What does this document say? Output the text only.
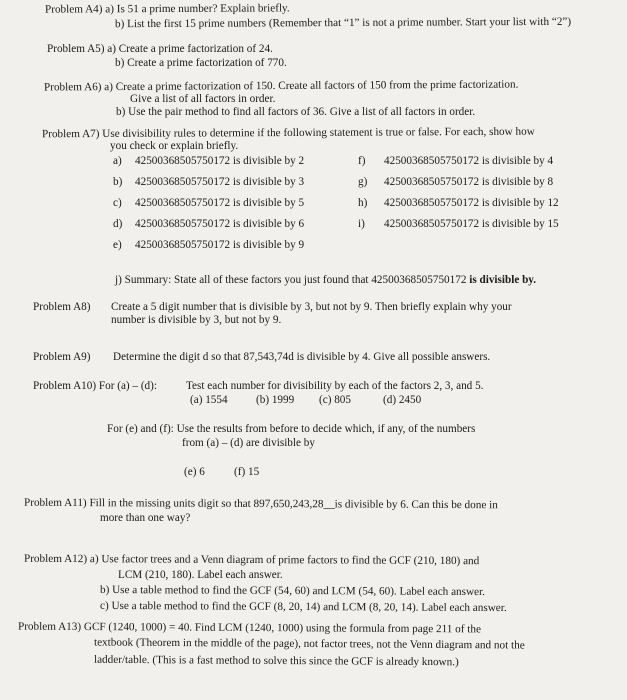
Problem A4) a) Is 51 a prime number? Explain briefly.
b) List the first 15 prime numbers (Remember that “1” is not a prime number. Start your list with “2”)
Problem A5) a) Create a prime factorization of 24.
b) Create a prime factorization of 770.
Problem A6) a) Create a prime factorization of 150. Create all factors of 150 from the prime factorization.
Give a list of all factors in order.
b) Use the pair method to find all factors of 36. Give a list of all factors in order.
Problem A7) Use divisibility rules to determine if the following statement is true or false. For each, show how
you check or explain briefly.
a) 42500368505750172 is divisible by 2
b) 42500368505750172 is divisible by 3
c) 42500368505750172 is divisible by 5
d) 42500368505750172 is divisible by 6
e) 42500368505750172 is divisible by 9
f) 42500368505750172 is divisible by 4
g) 42500368505750172 is divisible by 8
h) 42500368505750172 is divisible by 12
i) 42500368505750172 is divisible by 15
j) Summary: State all of these factors you just found that 42500368505750172 is divisible by.
Problem A8) Create a 5 digit number that is divisible by 3, but not by 9. Then briefly explain why your
number is divisible by 3, but not by 9.
Problem A9) Determine the digit d so that 87,543,74d is divisible by 4. Give all possible answers.
Problem A10) For (a) – (d):	Test each number for divisibility by each of the factors 2, 3, and 5.
(a) 1554	(b) 1999 (c) 805	(d) 2450
For (e) and (f): Use the results from before to decide which, if any, of the numbers
from (a) – (d) are divisible by
(e) 6	(f) 15
Problem A11) Fill in the missing units digit so that 897,650,243,28__is divisible by 6. Can this be done in
more than one way?
Problem A12) a) Use factor trees and a Venn diagram of prime factors to find the GCF (210, 180) and
LCM (210, 180). Label each answer.
b) Use a table method to find the GCF (54, 60) and LCM (54, 60). Label each answer.
c) Use a table method to find the GCF (8, 20, 14) and LCM (8, 20, 14). Label each answer.
Problem A13) GCF (1240, 1000) = 40. Find LCM (1240, 1000) using the formula from page 211 of the
textbook (Theorem in the middle of the page), not factor trees, not the Venn diagram and not the
ladder/table. (This is a fast method to solve this since the GCF is already known.)
